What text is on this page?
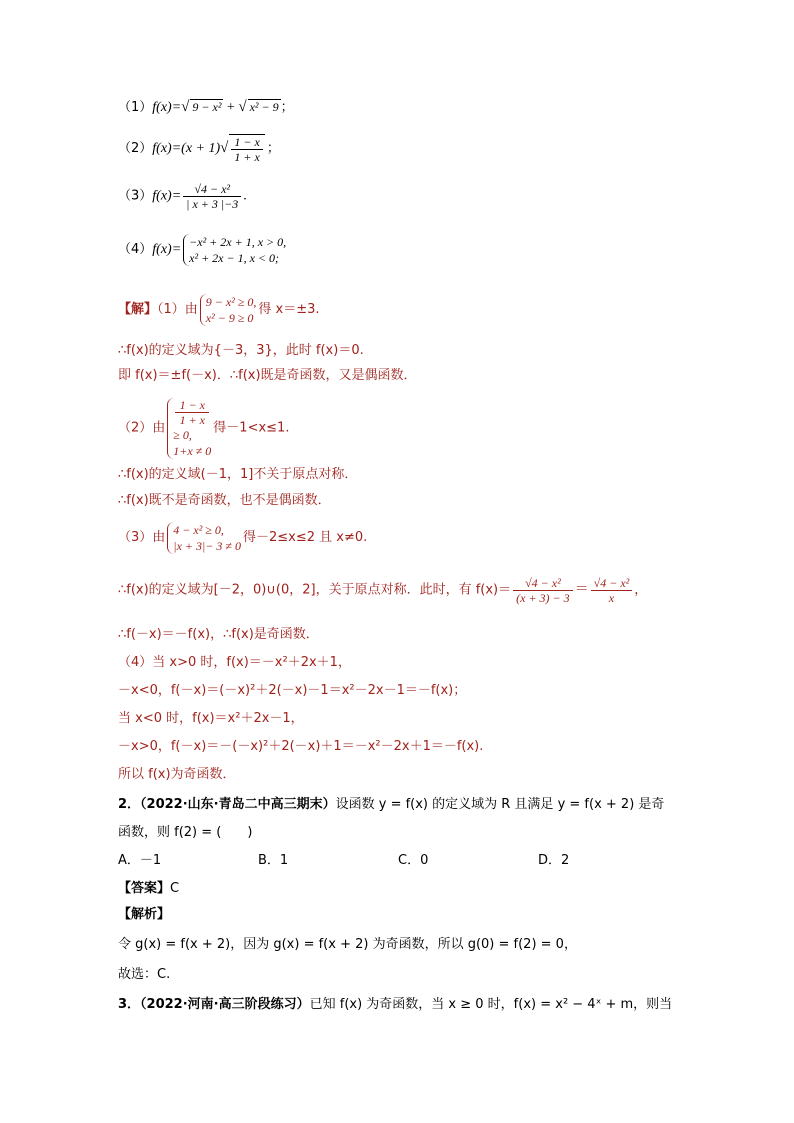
（1）f(x)=√ 9 − x² + √ x² − 9 ；
$(2)f(x)=(x + 1)√ \frac{1 - x}{1 + x}$ ；
$(3)f(x)= \frac{\text{√4 − x²}}{| x + 3 |-3}$ .
（4）f(x)=
−x² + 2x + 1, x > 0,
x² + 2x − 1, x < 0;
【解】（1）由
9 − x² ≥ 0,
x² − 9 ≥ 0
得 x＝±3.
∴f(x)的定义域为{－3，3}，此时 f(x)＝0.
即 f(x)＝±f(－x)．∴f(x)既是奇函数，又是偶函数．
（2）由
1 − x
1 + x
≥ 0,
1+x ≠ 0
得－1<x≤1.
∴f(x)的定义域(－1，1]不关于原点对称．
∴f(x)既不是奇函数，也不是偶函数．
（3）由
4 − x² ≥ 0,
|x + 3|− 3 ≠ 0
得－2≤x≤2 且 x≠0.
∴f(x)的定义域为[－2，0)∪(0，2]，关于原点对称．此时，有 $f(x)= \frac{\text{√4 − x²}}{(x + 3) - 3} = \frac{\text{√4 − x²}}{x}$ ，
∴f(－x)＝－f(x)，∴f(x)是奇函数．
（4）当 x>0 时，f(x)＝－x²＋2x＋1，
－x<0，f(－x)＝(－x)²＋2(－x)－1＝x²－2x－1＝－f(x)；
当 x<0 时，f(x)＝x²＋2x－1，
－x>0，f(－x)＝－(－x)²＋2(－x)＋1＝－x²－2x＋1＝－f(x).
所以 f(x)为奇函数．
2．（2022·山东·青岛二中高三期末）设函数 y = f(x) 的定义域为 R 且满足 y = f(x + 2) 是奇
函数，则 f(2) = (　　)
A．－1	B．1	C．0	D．2
【答案】C
【解析】
令 g(x) = f(x + 2)，因为 g(x) = f(x + 2) 为奇函数，所以 g(0) = f(2) = 0，
故选：C.
3．（2022·河南·高三阶段练习）已知 f(x) 为奇函数，当 x ≥ 0 时，f(x) = x² − 4ˣ + m，则当
